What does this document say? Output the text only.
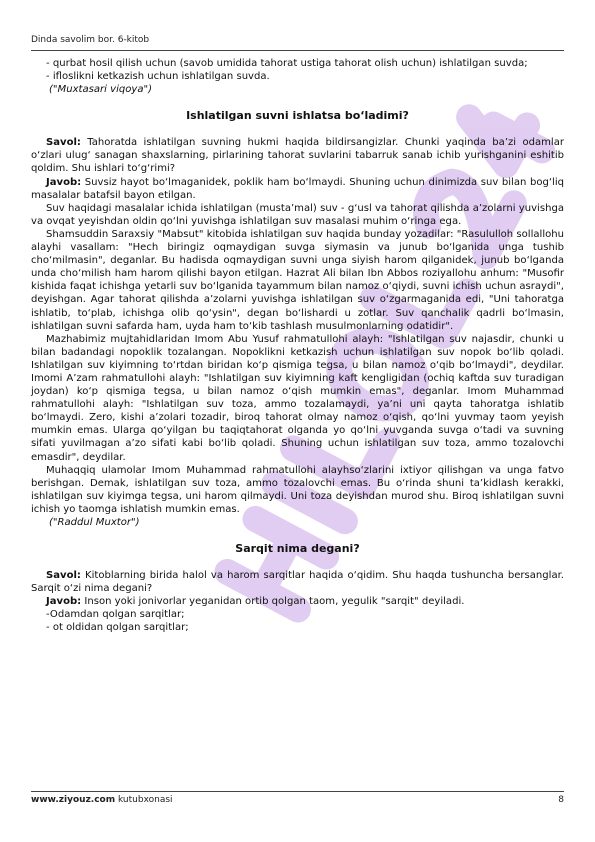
Dinda savolim bor. 6-kitob

- qurbat hosil qilish uchun (savob umidida tahorat ustiga tahorat olish uchun) ishlatilgan suvda;

- ifloslikni ketkazish uchun ishlatilgan suvda.

("Muxtasari viqoya")

Ishlatilgan suvni ishlatsa bo‘ladimi?

Savol: Tahoratda ishlatilgan suvning hukmi haqida bildirsangizlar. Chunki yaqinda ba’zi odamlar o‘zlari ulug‘ sanagan shaxslarning, pirlarining tahorat suvlarini tabarruk sanab ichib yurishganini eshitib qoldim. Shu ishlari to‘g‘rimi?

Javob: Suvsiz hayot bo‘lmaganidek, poklik ham bo‘lmaydi. Shuning uchun dinimizda suv bilan bog‘liq masalalar batafsil bayon etilgan.

Suv haqidagi masalalar ichida ishlatilgan (musta’mal) suv - g‘usl va tahorat qilishda a’zolarni yuvishga va ovqat yeyishdan oldin qo‘lni yuvishga ishlatilgan suv masalasi muhim o‘ringa ega.

Shamsuddin Saraxsiy "Mabsut" kitobida ishlatilgan suv haqida bunday yozadilar: "Rasululloh sollallohu alayhi vasallam: "Hech biringiz oqmaydigan suvga siymasin va junub bo‘lganida unga tushib cho‘milmasin", deganlar. Bu hadisda oqmaydigan suvni unga siyish harom qilganidek, junub bo‘lganda unda cho‘milish ham harom qilishi bayon etilgan. Hazrat Ali bilan Ibn Abbos roziyallohu anhum: "Musofir kishida faqat ichishga yetarli suv bo‘lganida tayammum bilan namoz o‘qiydi, suvni ichish uchun asraydi", deyishgan. Agar tahorat qilishda a’zolarni yuvishga ishlatilgan suv o‘zgarmaganida edi, "Uni tahoratga ishlatib, to‘plab, ichishga olib qo‘ysin", degan bo‘lishardi u zotlar. Suv qanchalik qadrli bo‘lmasin, ishlatilgan suvni safarda ham, uyda ham to‘kib tashlash musulmonlarning odatidir".

Mazhabimiz mujtahidlaridan Imom Abu Yusuf rahmatullohi alayh: "Ishlatilgan suv najasdir, chunki u bilan badandagi nopoklik tozalangan. Nopoklikni ketkazish uchun ishlatilgan suv nopok bo‘lib qoladi. Ishlatilgan suv kiyimning to‘rtdan biridan ko‘p qismiga tegsa, u bilan namoz o‘qib bo‘lmaydi", deydilar. Imomi A’zam rahmatullohi alayh: "Ishlatilgan suv kiyimning kaft kengligidan (ochiq kaftda suv turadigan joydan) ko‘p qismiga tegsa, u bilan namoz o‘qish mumkin emas", deganlar. Imom Muhammad rahmatullohi alayh: "Ishlatilgan suv toza, ammo tozalamaydi, ya’ni uni qayta tahoratga ishlatib bo‘lmaydi. Zero, kishi a’zolari tozadir, biroq tahorat olmay namoz o‘qish, qo‘lni yuvmay taom yeyish mumkin emas. Ularga qo‘yilgan bu taqiqtahorat olganda yo qo‘lni yuvganda suvga o‘tadi va suvning sifati yuvilmagan a’zo sifati kabi bo‘lib qoladi. Shuning uchun ishlatilgan suv toza, ammo tozalovchi emasdir", deydilar.

Muhaqqiq ulamolar Imom Muhammad rahmatullohi alayhso‘zlarini ixtiyor qilishgan va unga fatvo berishgan. Demak, ishlatilgan suv toza, ammo tozalovchi emas. Bu o‘rinda shuni ta’kidlash kerakki, ishlatilgan suv kiyimga tegsa, uni harom qilmaydi. Uni toza deyishdan murod shu. Biroq ishlatilgan suvni ichish yo taomga ishlatish mumkin emas.

("Raddul Muxtor")

Sarqit nima degani?

Savol: Kitoblarning birida halol va harom sarqitlar haqida o‘qidim. Shu haqda tushuncha bersanglar. Sarqit o‘zi nima degani?

Javob: Inson yoki jonivorlar yeganidan ortib qolgan taom, yegulik "sarqit" deyiladi.

-Odamdan qolgan sarqitlar;

- ot oldidan qolgan sarqitlar;

www.ziyouz.com kutubxonasi	8
